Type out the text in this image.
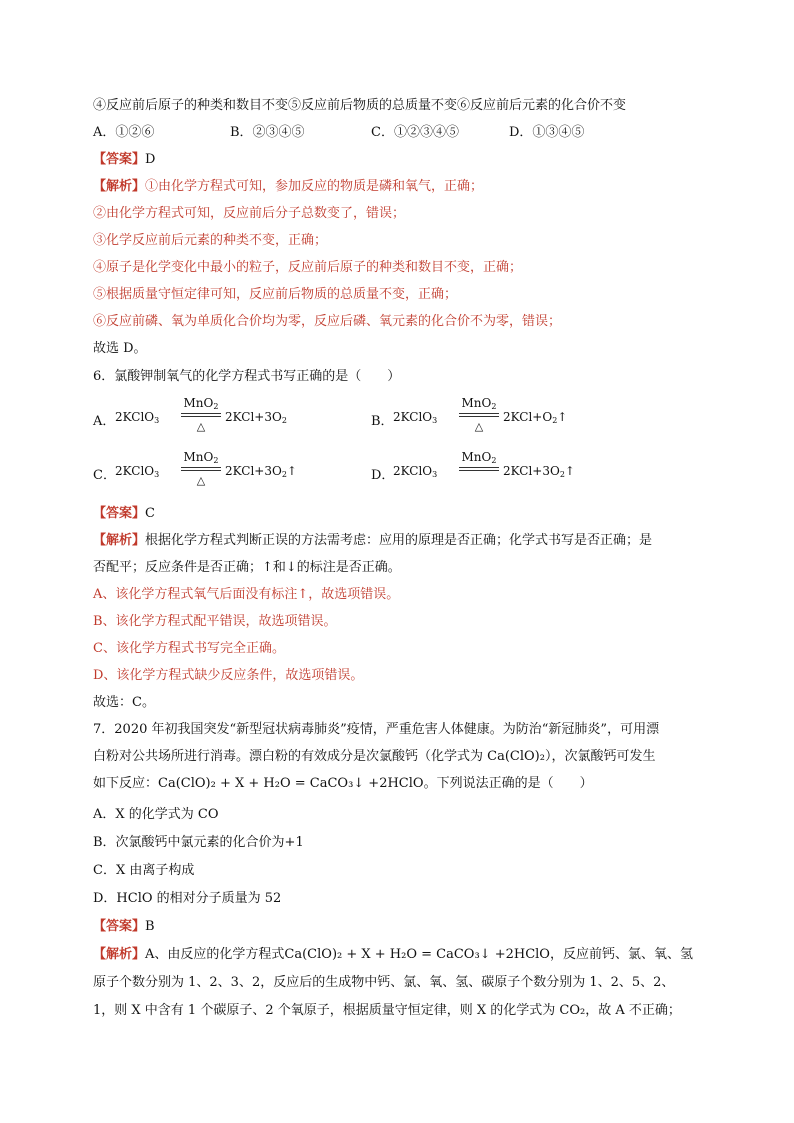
④反应前后原子的种类和数目不变⑤反应前后物质的总质量不变⑥反应前后元素的化合价不变
A．①②⑥	B．②③④⑤	C．①②③④⑤	D．①③④⑤
【答案】D
【解析】①由化学方程式可知，参加反应的物质是磷和氧气，正确；
②由化学方程式可知，反应前后分子总数变了，错误；
③化学反应前后元素的种类不变，正确；
④原子是化学变化中最小的粒子，反应前后原子的种类和数目不变，正确；
⑤根据质量守恒定律可知，反应前后物质的总质量不变，正确；
⑥反应前磷、氧为单质化合价均为零，反应后磷、氧元素的化合价不为零，错误；
故选 D。
6．氯酸钾制氧气的化学方程式书写正确的是（　　）
A． 2KClO$_3$
MnO$_2$
△
$2KCl+3O_2$	B． 2KClO$_3$
MnO$_2$
△
$2KCl+O_2↑$
C． 2KClO$_3$
MnO$_2$
△
$2KCl+3O_2↑$	D．
2KClO$_3$
MnO$_2$
$2KCl+3O_2↑$
【答案】C
【解析】根据化学方程式判断正误的方法需考虑：应用的原理是否正确；化学式书写是否正确；是
否配平；反应条件是否正确；↑和↓的标注是否正确。
A、该化学方程式氧气后面没有标注↑，故选项错误。
B、该化学方程式配平错误，故选项错误。
C、该化学方程式书写完全正确。
D、该化学方程式缺少反应条件，故选项错误。
故选：C。
7．2020 年初我国突发“新型冠状病毒肺炎”疫情，严重危害人体健康。为防治“新冠肺炎”，可用漂
白粉对公共场所进行消毒。漂白粉的有效成分是次氯酸钙（化学式为 Ca(ClO)₂），次氯酸钙可发生
如下反应：Ca(ClO)₂ + X + H₂O = CaCO₃↓ +2HClO。下列说法正确的是（　　）
A．X 的化学式为 CO
B．次氯酸钙中氯元素的化合价为+1
C．X 由离子构成
D．HClO 的相对分子质量为 52
【答案】B
【解析】A、由反应的化学方程式Ca(ClO)₂ + X + H₂O = CaCO₃↓ +2HClO，反应前钙、氯、氧、氢
原子个数分别为 1、2、3、2，反应后的生成物中钙、氯、氧、氢、碳原子个数分别为 1、2、5、2、
1，则 X 中含有 1 个碳原子、2 个氧原子，根据质量守恒定律，则 X 的化学式为 CO₂，故 A 不正确；
